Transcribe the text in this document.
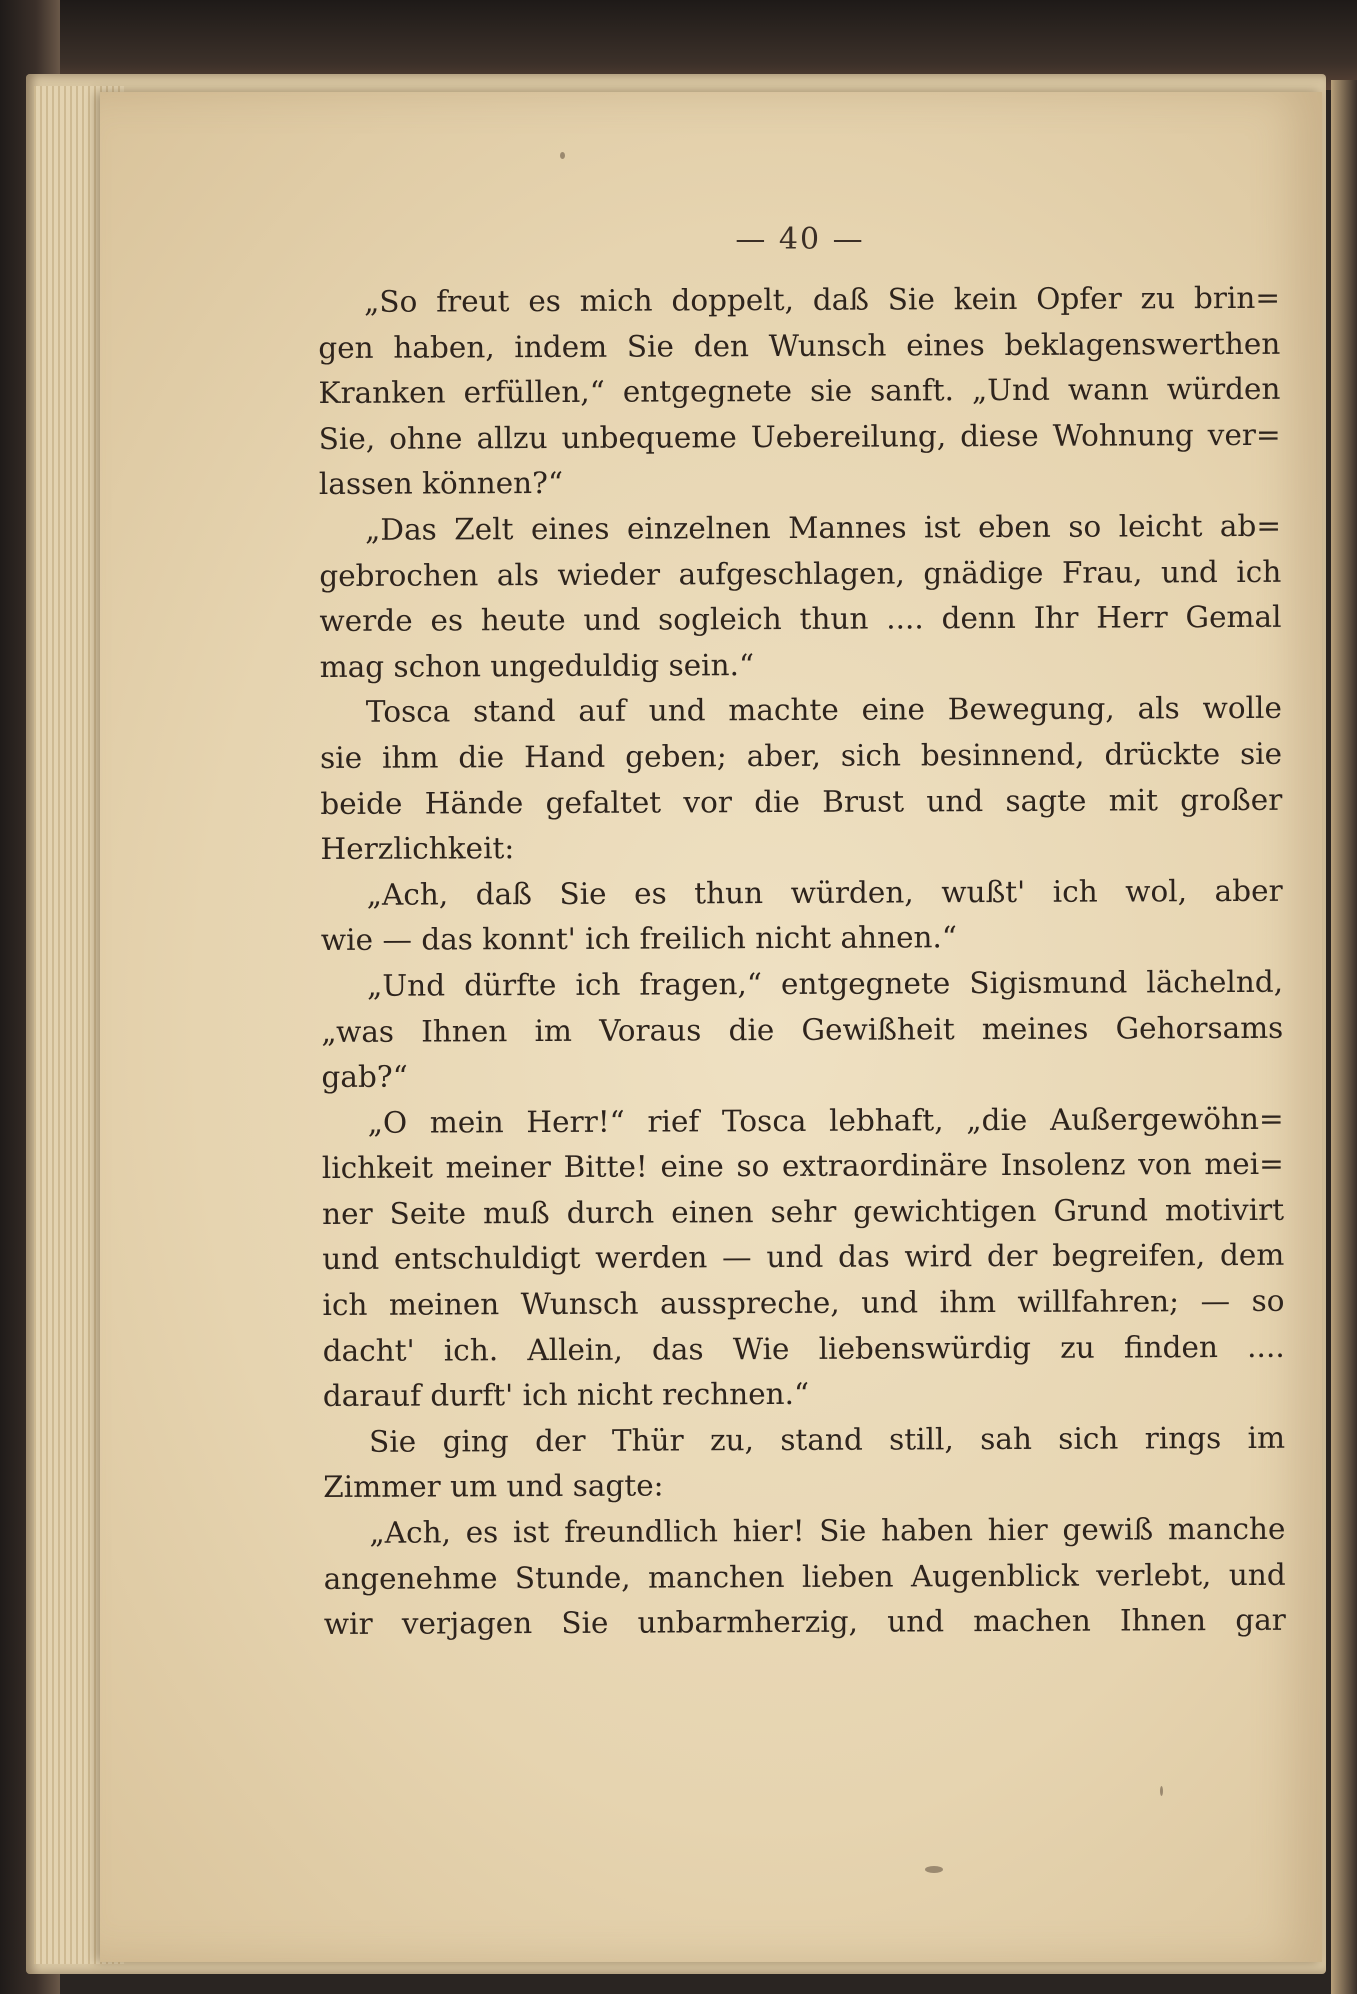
— 40 —
„So freut es mich doppelt, daß Sie kein Opfer zu brin=
gen haben, indem Sie den Wunsch eines beklagenswerthen
Kranken erfüllen,“ entgegnete sie sanft. „Und wann würden
Sie, ohne allzu unbequeme Uebereilung, diese Wohnung ver=
lassen können?“
„Das Zelt eines einzelnen Mannes ist eben so leicht ab=
gebrochen als wieder aufgeschlagen, gnädige Frau, und ich
werde es heute und sogleich thun .... denn Ihr Herr Gemal
mag schon ungeduldig sein.“
Tosca stand auf und machte eine Bewegung, als wolle
sie ihm die Hand geben; aber, sich besinnend, drückte sie
beide Hände gefaltet vor die Brust und sagte mit großer
Herzlichkeit:
„Ach, daß Sie es thun würden, wußt' ich wol, aber
wie — das konnt' ich freilich nicht ahnen.“
„Und dürfte ich fragen,“ entgegnete Sigismund lächelnd,
„was Ihnen im Voraus die Gewißheit meines Gehorsams
gab?“
„O mein Herr!“ rief Tosca lebhaft, „die Außergewöhn=
lichkeit meiner Bitte! eine so extraordinäre Insolenz von mei=
ner Seite muß durch einen sehr gewichtigen Grund motivirt
und entschuldigt werden — und das wird der begreifen, dem
ich meinen Wunsch ausspreche, und ihm willfahren; — so
dacht' ich. Allein, das Wie liebenswürdig zu finden ....
darauf durft' ich nicht rechnen.“
Sie ging der Thür zu, stand still, sah sich rings im
Zimmer um und sagte:
„Ach, es ist freundlich hier! Sie haben hier gewiß manche
angenehme Stunde, manchen lieben Augenblick verlebt, und
wir verjagen Sie unbarmherzig, und machen Ihnen gar
